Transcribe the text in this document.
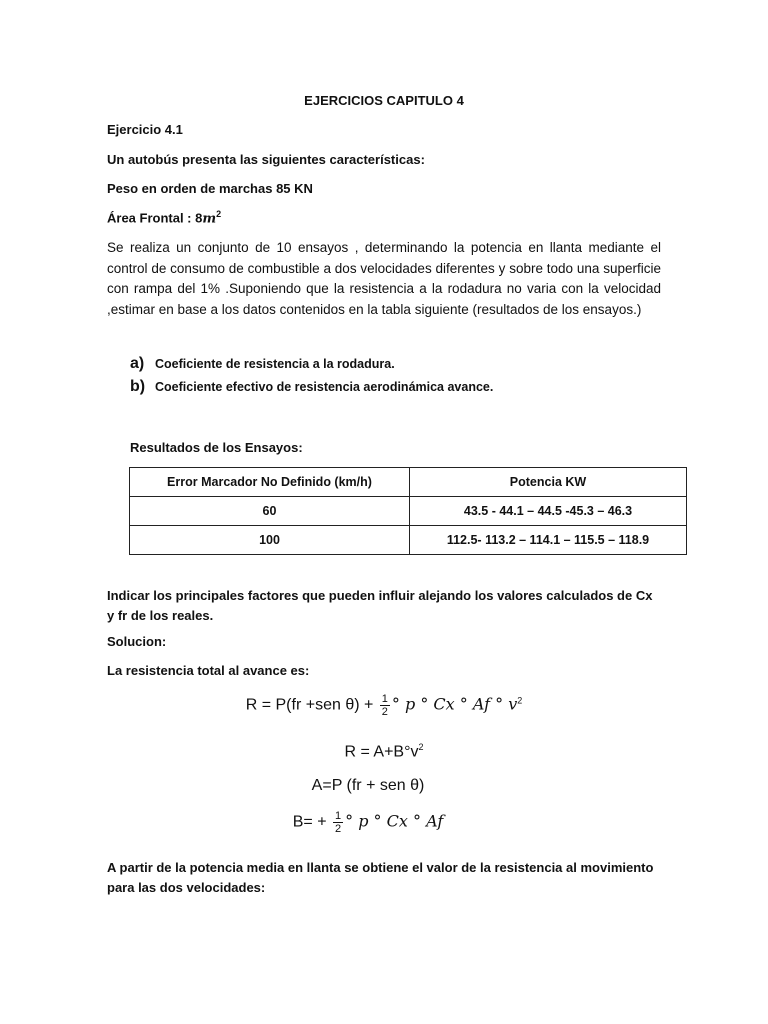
EJERCICIOS CAPITULO 4
Ejercicio 4.1
Un autobús presenta las siguientes características:
Peso en orden de marchas 85 KN
Área Frontal : $8m^2$
Se realiza un conjunto de 10 ensayos , determinando la potencia en llanta mediante el control de consumo de combustible a dos velocidades diferentes y sobre todo una superficie con rampa del 1% .Suponiendo que la resistencia a la rodadura no varia con la velocidad ,estimar en base a los datos contenidos en la tabla siguiente (resultados de los ensayos.)
a) Coeficiente de resistencia a la rodadura.
b) Coeficiente efectivo de resistencia aerodinámica avance.
Resultados de los Ensayos:
Error Marcador No Definido (km/h)	Potencia KW
60	43.5 - 44.1 – 44.5 -45.3 – 46.3
100	112.5- 113.2 – 114.1 – 115.5 – 118.9
Indicar los principales factores que pueden influir alejando los valores calculados de Cx y fr de los reales.
Solucion:
La resistencia total al avance es:
R = P(fr +sen $\theta) + \frac{1}{2}$ ° p ° Cx ° Af ° $v^2$
$R = A+B^\circ v^2$
A=P (fr + sen θ)
$B= + \frac{1}{2}$ ° p ° Cx ° Af
A partir de la potencia media en llanta se obtiene el valor de la resistencia al movimiento para las dos velocidades:
